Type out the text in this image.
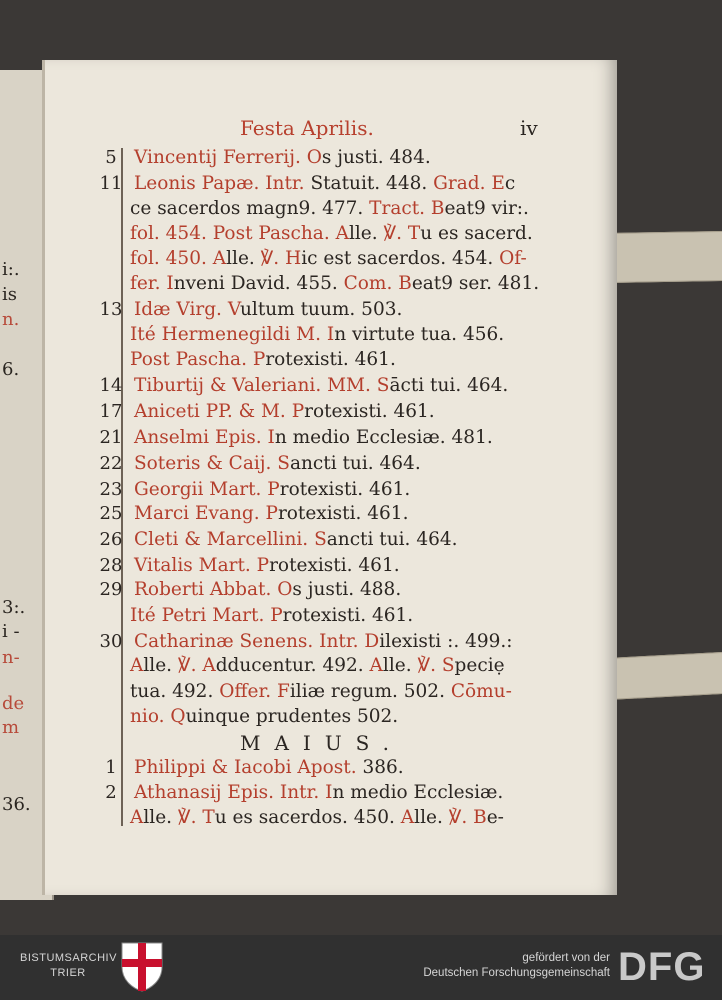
i:.
is
n.
6.
3:.
i -
n-
de
m
36.
Festa Aprilis.	iv
5 Vincentij Ferrerij. Os justi. 484.
11 Leonis Papæ. Intr. Statuit. 448. Grad. Ec
ce sacerdos magn9. 477. Tract. Beat9 vir:.
fol. 454. Post Pascha. Alle. ℣. Tu es sacerd.
fol. 450. Alle. ℣. Hic est sacerdos. 454. Of-
fer. Inveni David. 455. Com. Beat9 ser. 481.
13 Idæ Virg. Vultum tuum. 503.
Ité Hermenegildi M. In virtute tua. 456.
Post Pascha. Protexisti. 461.
14 Tiburtij & Valeriani. MM. Sācti tui. 464.
17 Aniceti PP. & M. Protexisti. 461.
21 Anselmi Epis. In medio Ecclesiæ. 481.
22 Soteris & Caij. Sancti tui. 464.
23 Georgii Mart. Protexisti. 461.
25 Marci Evang. Protexisti. 461.
26 Cleti & Marcellini. Sancti tui. 464.
28 Vitalis Mart. Protexisti. 461.
29 Roberti Abbat. Os justi. 488.
Ité Petri Mart. Protexisti. 461.
30 Catharinæ Senens. Intr. Dilexisti :. 499.:
Alle. ℣. Adducentur. 492. Alle. ℣. Speciẹ
tua. 492. Offer. Filiæ regum. 502. Cōmu-
nio. Quinque prudentes 502.
1 Philippi & Iacobi Apost. 386.
2 Athanasij Epis. Intr. In medio Ecclesiæ.
Alle. ℣. Tu es sacerdos. 450. Alle. ℣. Be-
MAIUS.
BISTUMSARCHIV
TRIER
gefördert von der
Deutschen Forschungsgemeinschaft DFG
